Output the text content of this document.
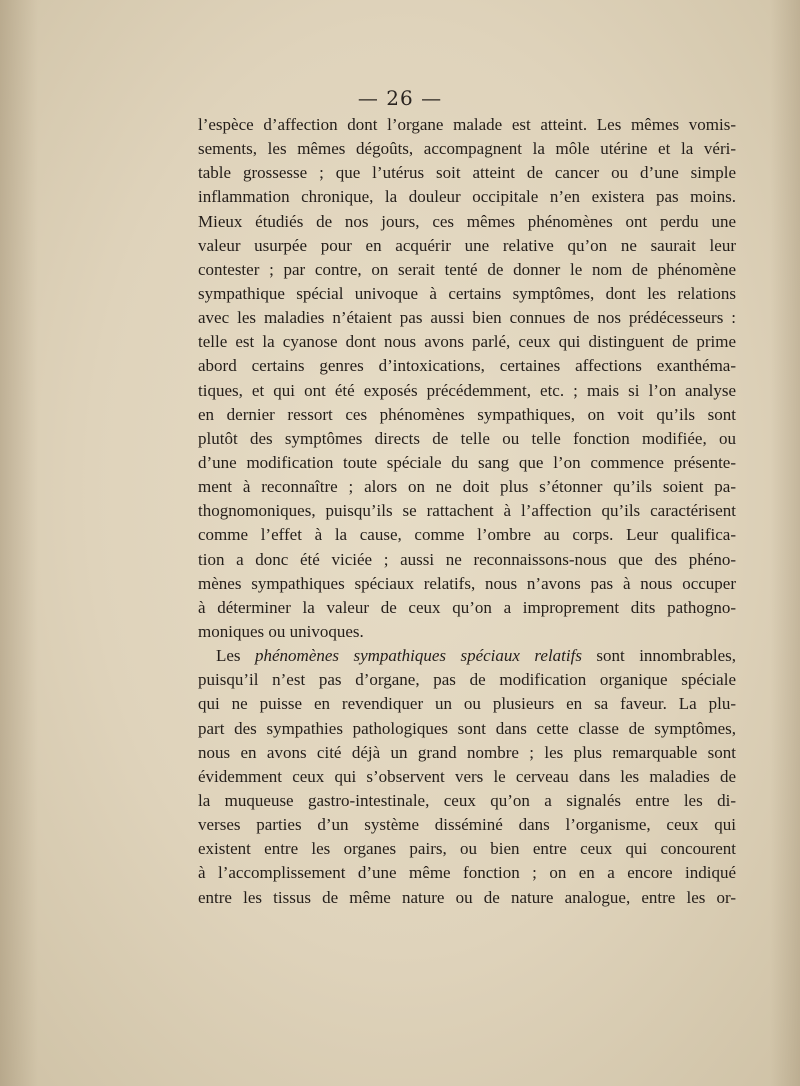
— 26 —
l’espèce d’affection dont l’organe malade est atteint. Les mêmes vomis-
sements, les mêmes dégoûts, accompagnent la môle utérine et la véri-
table grossesse ; que l’utérus soit atteint de cancer ou d’une simple
inflammation chronique, la douleur occipitale n’en existera pas moins.
Mieux étudiés de nos jours, ces mêmes phénomènes ont perdu une
valeur usurpée pour en acquérir une relative qu’on ne saurait leur
contester ; par contre, on serait tenté de donner le nom de phénomène
sympathique spécial univoque à certains symptômes, dont les relations
avec les maladies n’étaient pas aussi bien connues de nos prédécesseurs :
telle est la cyanose dont nous avons parlé, ceux qui distinguent de prime
abord certains genres d’intoxications, certaines affections exanthéma-
tiques, et qui ont été exposés précédemment, etc. ; mais si l’on analyse
en dernier ressort ces phénomènes sympathiques, on voit qu’ils sont
plutôt des symptômes directs de telle ou telle fonction modifiée, ou
d’une modification toute spéciale du sang que l’on commence présente-
ment à reconnaître ; alors on ne doit plus s’étonner qu’ils soient pa-
thognomoniques, puisqu’ils se rattachent à l’affection qu’ils caractérisent
comme l’effet à la cause, comme l’ombre au corps. Leur qualifica-
tion a donc été viciée ; aussi ne reconnaissons-nous que des phéno-
mènes sympathiques spéciaux relatifs, nous n’avons pas à nous occuper
à déterminer la valeur de ceux qu’on a improprement dits pathogno-
moniques ou univoques.
Les phénomènes sympathiques spéciaux relatifs sont innombrables,
puisqu’il n’est pas d’organe, pas de modification organique spéciale
qui ne puisse en revendiquer un ou plusieurs en sa faveur. La plu-
part des sympathies pathologiques sont dans cette classe de symptômes,
nous en avons cité déjà un grand nombre ; les plus remarquable sont
évidemment ceux qui s’observent vers le cerveau dans les maladies de
la muqueuse gastro-intestinale, ceux qu’on a signalés entre les di-
verses parties d’un système disséminé dans l’organisme, ceux qui
existent entre les organes pairs, ou bien entre ceux qui concourent
à l’accomplissement d’une même fonction ; on en a encore indiqué
entre les tissus de même nature ou de nature analogue, entre les or-
